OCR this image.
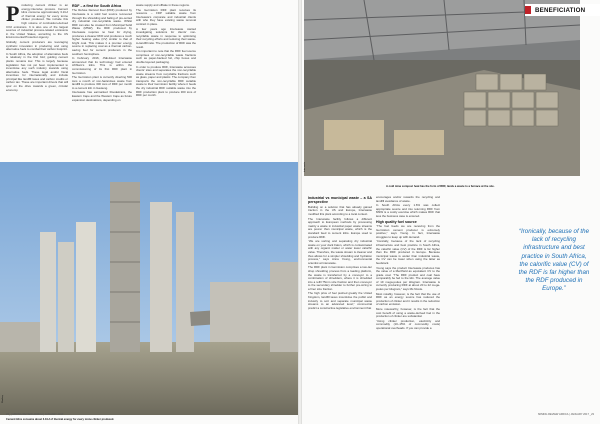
P roducing cement clinker is an energy-intensive process. Cement kilns consume approximately 3.1GJ of thermal energy for every tonne clinker produced. We include this high volume of combustion-derived CO2 emissions. It is also one of the largest sources of industrial process-related emissions in the United States, according to the US Environmental Protection Agency.

Globally, cement producers are leveraging synthetic innovation in producing and using alternative fuels to combat their carbon footprint.

In South Africa, the adoption of alternative fuels is relatively in the first fold; guiding cement plants remains low. This is largely because legislation has not yet been implemented to incentivise any such industry towards using alternative fuels. These legal and/or fiscal incentives for internationally and include principal like landfill taxes and carbon credits or carbon tax. These are important drivers that will spur on the drive towards a green, circular economy.

RDF – a first for South Africa

The Refuse Derived Fuel (RDF) produced by Interwaste is a solid fuel source recovered through the shredding and baling of pre-sorted dry industrial non-recyclable waste. Whilst RDF can also be created from Municipal Solid Waste (MSW), the RDF produced by Interwaste requires no heat for drying, produces a cleaner RDF and produces a much higher heating value (CV) similar to that of bright coal. This makes it a premier energy source in replacing coal as a thermal carbon-saving fuel for cement producers in the southern hemisphere.

In February 2016, JSE-listed Interwaste announced that its technology had entered AfriSam’s kilns. This is within the commissioning of its first RDF plant in Germiston.

The Germiston plant is currently diverting 500 tons a month of non-hazardous waste from landfill to produce 300 tons of RDF per month to a cement kiln in Gauteng.

Interwaste has earmarked Roodekrans, the Eastern Cape and the Western Cape as future expansion destinations, depending on

waste supply and offtake in these regions.

The Germiston RDF plant receives its resource – FDP suitable waste from Interwaste’s corporate and industrial clients with who they have existing waste removal contract in place.

A few years ago Interwaste started investigating solutions for clients’ non-recyclable waste in response to optimising their recycling efforts and reducing their waste-to-landfill ratio. The production of RDF was the result.

It is important to note that the RDF fuel source comprises of non-recyclable waste fractions such as paper-backed foil, chip boxes and double layered packaging.

In order to produce RDF, Interwaste accesses clients’ sites and separates the non-recyclable waste streams from recyclable fractions such as glass, paper and plastic. The company then transports the non-recyclable RDF suitable waste to their Germiston facility where it feeds the dry industrial RDF suitable waste into the RDF production plant to produce 300 tons of RDF per month.

Cement kilns consume about 3.1GJ of thermal energy for every tonne clinker produced.
Pixabay
22_ | MINING REVIEW AFRICA | JANUARY 2017
Interwaste
A cold mine compost heat has the form of RDF, lands a waste to a furnace at the site.
Industrial vs municipal waste – a SA perspective

Building on a solution that has already gained traction in the US and Europe, Interwaste modified this plant according to a local context.

The Interwaste facility follows a different approach to European methods by processing mainly a waste in industrial paper waste streams are poorer than municipal waste, which is the standard feed to cement kilns. Europe used to produce RDF.

“We are sorting and separating dry industrial waste on your dock Falon, which is contaminated with any organic matter or water lower calorific value. Therefore, the waste stream is cleaner and thus allows for a simpler shredding and hydration process,” says Anna Young, environmental scientist at Interwaste.

The RDF plant in Germiston comprises a two-tier shop shredding process from a loading platform, the waste is transferred by a conveyor to a combination of shredders, where it is shredded into a refill 75mm size fraction and then conveyor to the secondary shredder to further pre-sizing to a finer size fraction.

The high price of fuel pushed greatly the United Kingdom, landfill taxes incentivise the public and industry to sort and separate municipal waste streams to an advanced level,” commercial predict a constructive legislative environment that

encourages and/or rewards the recycling and landfill avoidance of waste.

In South Africa every 1.6% was collect appropriate source and into returning RDF from MSW is a costly exercise which makes RDF that less the business case is ensured.

High quality fuel source

“The fuel feeds we are receiving from the Germiston cement producer is extremely positive,” says Young. In fact, Interwaste struggles to keep up with demand.

“Ironically, because of the lack of recycling infrastructure and best practice in South Africa, the calorific value (CV) of the RDF is far higher than the RDF produced in Europe. Because municipal waste is wetter than industrial waste, the CV can be lower when using the latter as feedstock.

Young says the product Interwaste produces has the value of a Merrifield as equivalent CV to the grade coal. “The RDF product and coal have comparably be fed to the kiln. The average value of 19 mega-joules per kilogram. Interwaste is currently producing RDF at about 20 to 22 mega-joules per kilogram,” says Ms Nicole.

Most notably, however, is the fact that the use of RDF as an energy source has reduced the production of clinker and it results in the reduction of carbon emission.

More noteworthy, however, is the fact that the cost benefit of using a waste-derived fuel in the production of clinker are substantial.

“Using clinker production, electricity and commodity (10–15% of commodity costs) operational overheads. If you can provide a

“Ironically, because of the lack of recycling infrastructure and best practice in South Africa, the calorific value (CV) of the RDF is far higher than the RDF produced in Europe.”
MINING REVIEW AFRICA | JANUARY 2017 _23
BENEFICIATION
